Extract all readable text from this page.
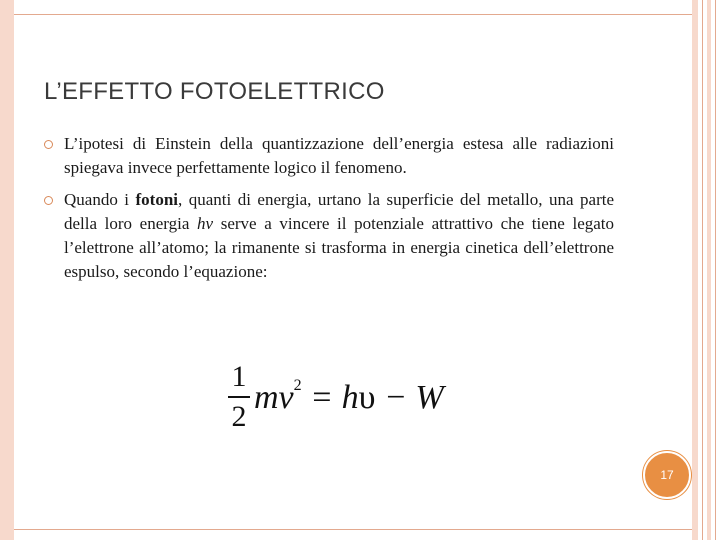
L’EFFETTO FOTOELETTRICO
L’ipotesi di Einstein della quantizzazione dell’energia estesa alle radiazioni spiegava invece perfettamente logico il fenomeno.
Quando i fotoni, quanti di energia, urtano la superficie del metallo, una parte della loro energia hv serve a vincere il potenziale attrattivo che tiene legato l’elettrone all’atomo; la rimanente si trasforma in energia cinetica dell’elettrone espulso, secondo l’equazione:
$\frac{1}{2} mv^2 = h\upsilon - W$
17
